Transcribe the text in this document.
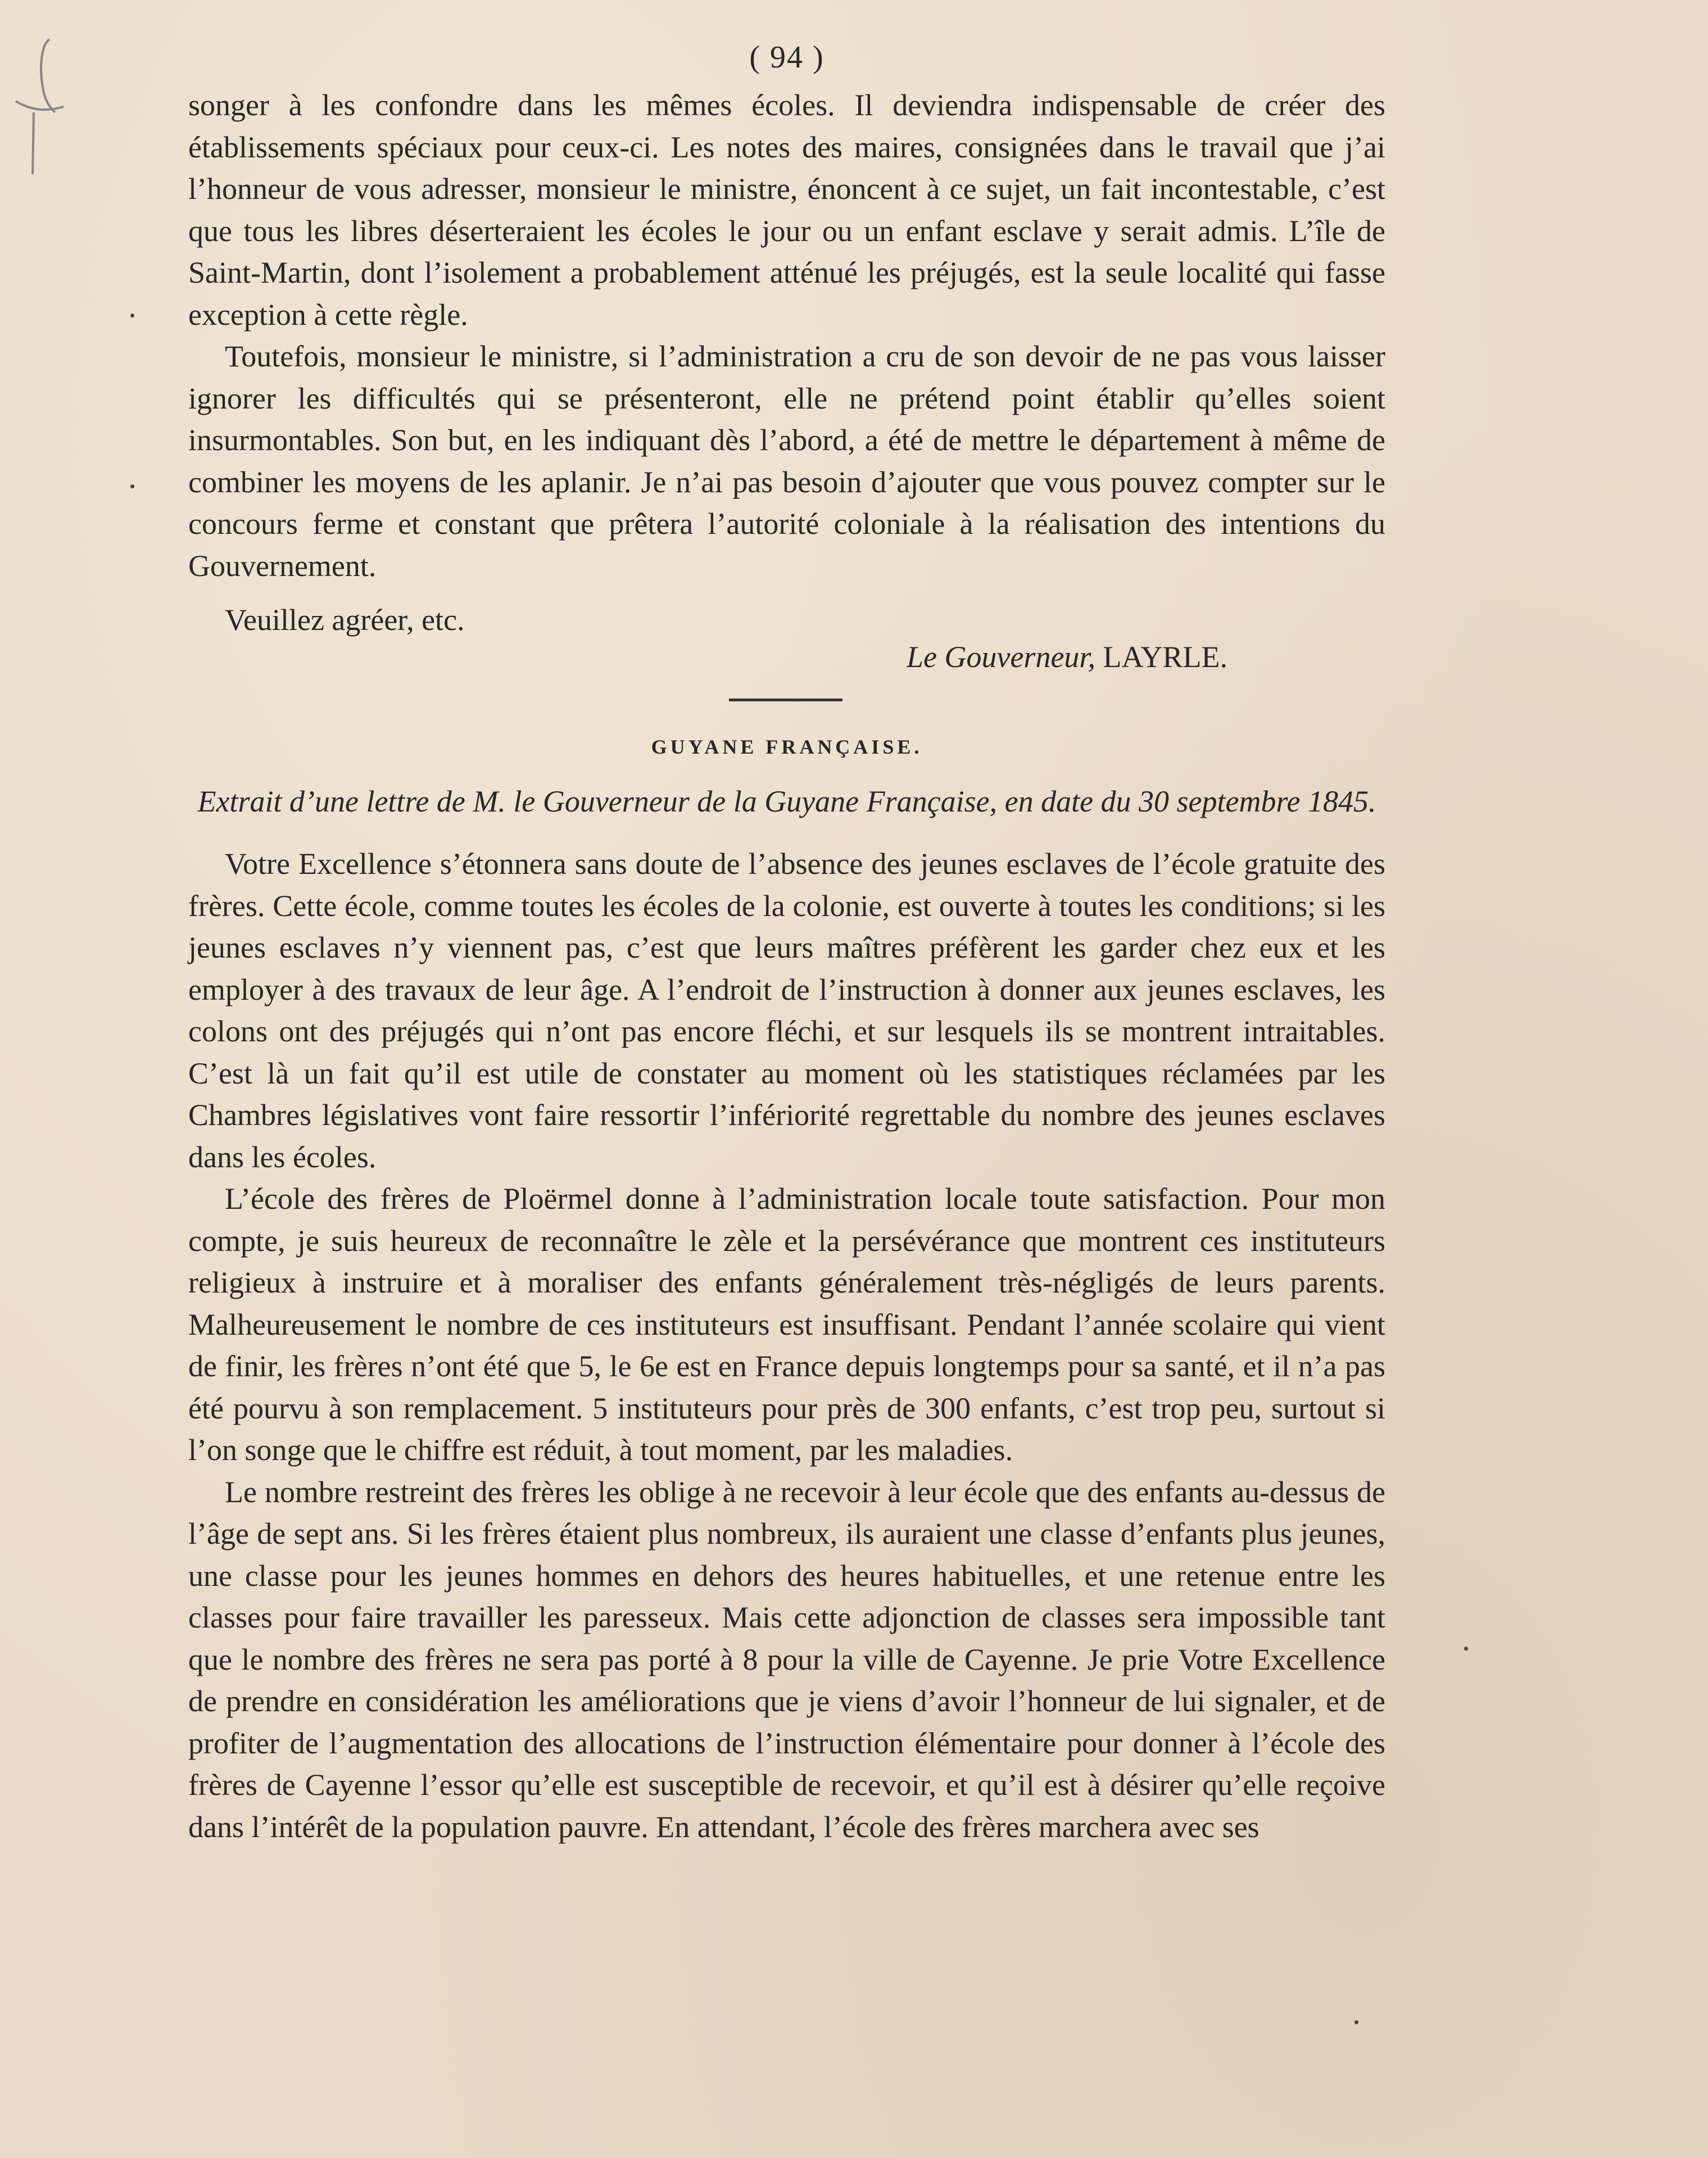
( 94 )

songer à les confondre dans les mêmes écoles. Il deviendra indispensable de créer des établissements spéciaux pour ceux-ci. Les notes des maires, consignées dans le travail que j’ai l’honneur de vous adresser, monsieur le ministre, énoncent à ce sujet, un fait incontestable, c’est que tous les libres déserteraient les écoles le jour ou un enfant esclave y serait admis. L’île de Saint-Martin, dont l’isolement a probablement atténué les préjugés, est la seule localité qui fasse exception à cette règle.

Toutefois, monsieur le ministre, si l’administration a cru de son devoir de ne pas vous laisser ignorer les difficultés qui se présenteront, elle ne prétend point établir qu’elles soient insurmontables. Son but, en les indiquant dès l’abord, a été de mettre le département à même de combiner les moyens de les aplanir. Je n’ai pas besoin d’ajouter que vous pouvez compter sur le concours ferme et constant que prêtera l’autorité coloniale à la réalisation des intentions du Gouvernement.

Veuillez agréer, etc.
Le Gouverneur, LAYRLE.
GUYANE FRANÇAISE.
Extrait d’une lettre de M. le Gouverneur de la Guyane Française, en date du 30 septembre 1845.

Votre Excellence s’étonnera sans doute de l’absence des jeunes esclaves de l’école gratuite des frères. Cette école, comme toutes les écoles de la colonie, est ouverte à toutes les conditions; si les jeunes esclaves n’y viennent pas, c’est que leurs maîtres préfèrent les garder chez eux et les employer à des travaux de leur âge. A l’endroit de l’instruction à donner aux jeunes esclaves, les colons ont des préjugés qui n’ont pas encore fléchi, et sur lesquels ils se montrent intraitables. C’est là un fait qu’il est utile de constater au moment où les statistiques réclamées par les Chambres législatives vont faire ressortir l’infériorité regrettable du nombre des jeunes esclaves dans les écoles.

L’école des frères de Ploërmel donne à l’administration locale toute satisfaction. Pour mon compte, je suis heureux de reconnaître le zèle et la persévérance que montrent ces instituteurs religieux à instruire et à moraliser des enfants généralement très-négligés de leurs parents. Malheureusement le nombre de ces instituteurs est insuffisant. Pendant l’année scolaire qui vient de finir, les frères n’ont été que 5, le 6e est en France depuis longtemps pour sa santé, et il n’a pas été pourvu à son remplacement. 5 instituteurs pour près de 300 enfants, c’est trop peu, surtout si l’on songe que le chiffre est réduit, à tout moment, par les maladies.

Le nombre restreint des frères les oblige à ne recevoir à leur école que des enfants au-dessus de l’âge de sept ans. Si les frères étaient plus nombreux, ils auraient une classe d’enfants plus jeunes, une classe pour les jeunes hommes en dehors des heures habituelles, et une retenue entre les classes pour faire travailler les paresseux. Mais cette adjonction de classes sera impossible tant que le nombre des frères ne sera pas porté à 8 pour la ville de Cayenne. Je prie Votre Excellence de prendre en considération les améliorations que je viens d’avoir l’honneur de lui signaler, et de profiter de l’augmentation des allocations de l’instruction élémentaire pour donner à l’école des frères de Cayenne l’essor qu’elle est susceptible de recevoir, et qu’il est à désirer qu’elle reçoive dans l’intérêt de la population pauvre. En attendant, l’école des frères marchera avec ses
